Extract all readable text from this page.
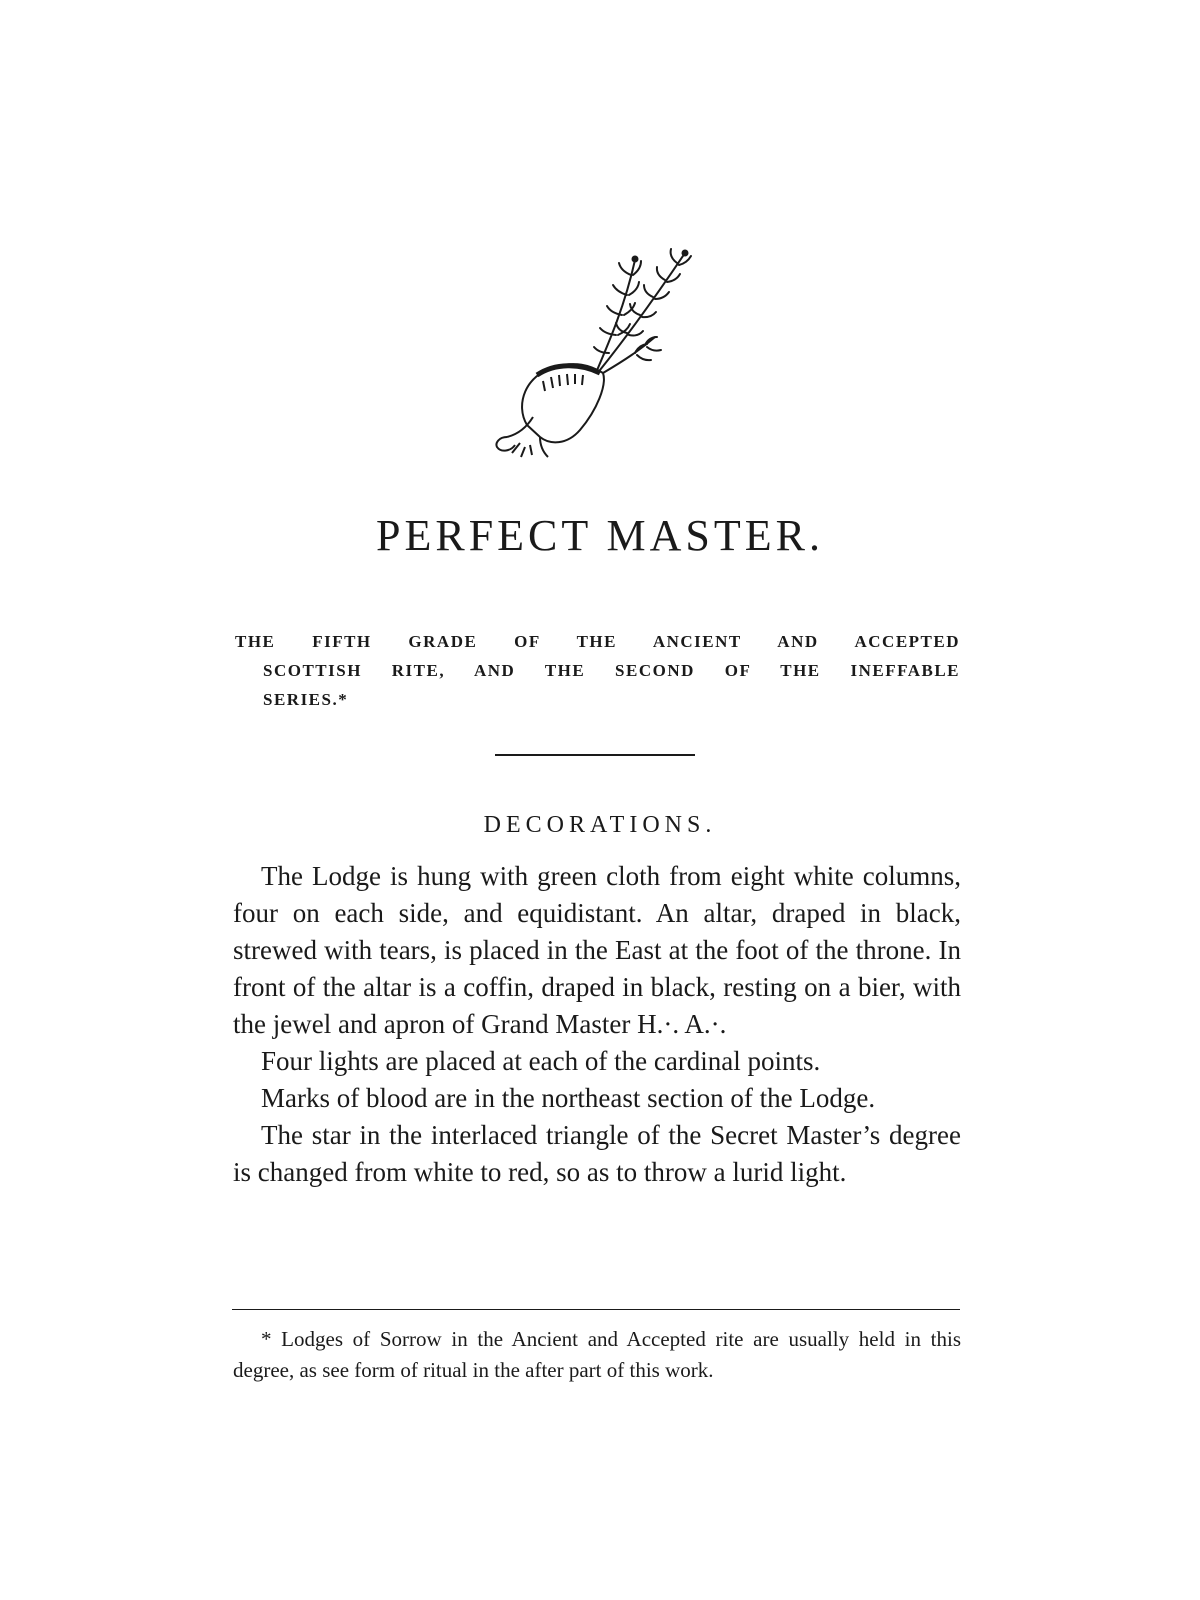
PERFECT MASTER.
THE FIFTH GRADE OF THE ANCIENT AND ACCEPTED
SCOTTISH RITE, AND THE SECOND OF THE INEFFABLE
SERIES.*
DECORATIONS.

The Lodge is hung with green cloth from eight white columns, four on each side, and equidistant. An altar, draped in black, strewed with tears, is placed in the East at the foot of the throne. In front of the altar is a coffin, draped in black, resting on a bier, with the jewel and apron of Grand Master H.·. A.·.

Four lights are placed at each of the cardinal points.

Marks of blood are in the northeast section of the Lodge.

The star in the interlaced triangle of the Secret Master’s degree is changed from white to red, so as to throw a lurid light.

* Lodges of Sorrow in the Ancient and Accepted rite are usually held in this degree, as see form of ritual in the after part of this work.
